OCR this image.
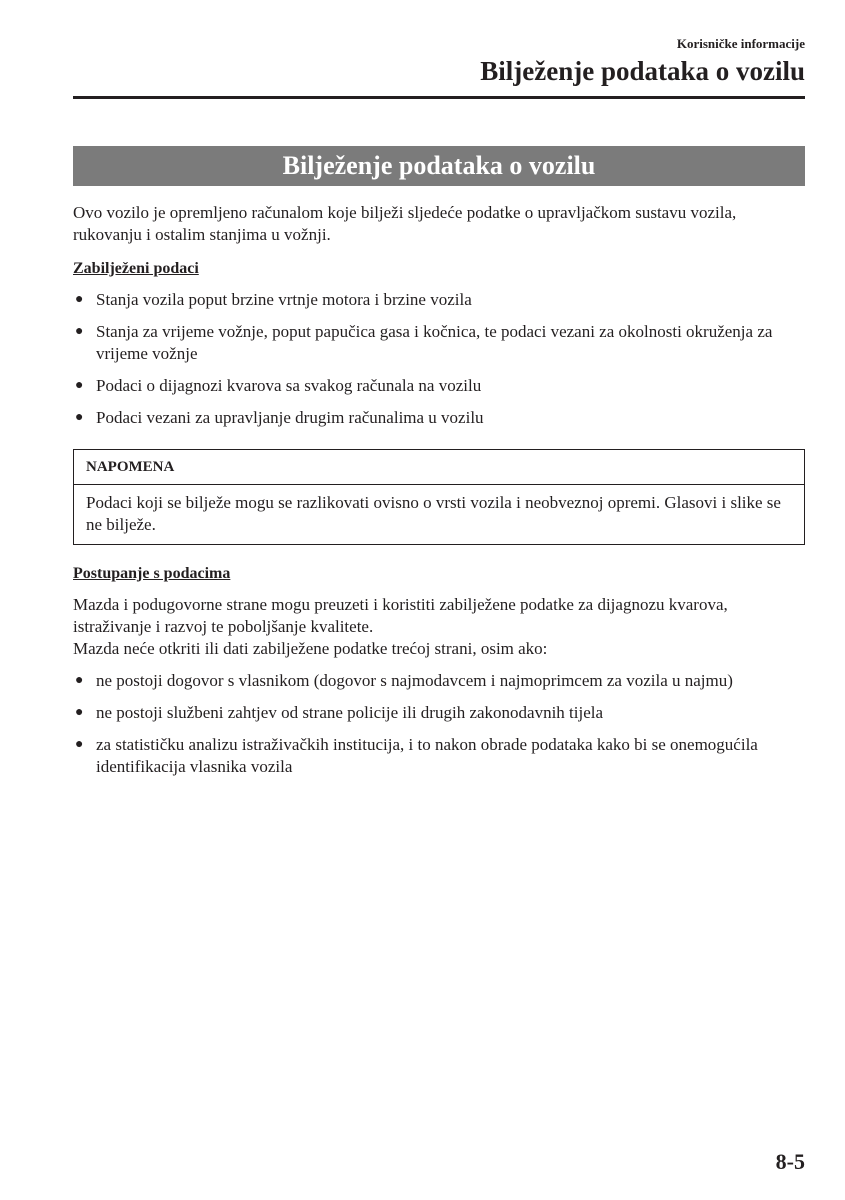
Korisničke informacije
Bilježenje podataka o vozilu
Bilježenje podataka o vozilu

Ovo vozilo je opremljeno računalom koje bilježi sljedeće podatke o upravljačkom sustavu vozila, rukovanju i ostalim stanjima u vožnji.

Zabilježeni podaci

● Stanja vozila poput brzine vrtnje motora i brzine vozila
● Stanja za vrijeme vožnje, poput papučica gasa i kočnica, te podaci vezani za okolnosti okruženja za vrijeme vožnje
● Podaci o dijagnozi kvarova sa svakog računala na vozilu
● Podaci vezani za upravljanje drugim računalima u vozilu
NAPOMENA
Podaci koji se bilježe mogu se razlikovati ovisno o vrsti vozila i neobveznoj opremi. Glasovi i slike se ne bilježe.

Postupanje s podacima

Mazda i podugovorne strane mogu preuzeti i koristiti zabilježene podatke za dijagnozu kvarova, istraživanje i razvoj te poboljšanje kvalitete.

Mazda neće otkriti ili dati zabilježene podatke trećoj strani, osim ako:

● ne postoji dogovor s vlasnikom (dogovor s najmodavcem i najmoprimcem za vozila u najmu)
● ne postoji službeni zahtjev od strane policije ili drugih zakonodavnih tijela
● za statističku analizu istraživačkih institucija, i to nakon obrade podataka kako bi se onemogućila identifikacija vlasnika vozila
8-5
